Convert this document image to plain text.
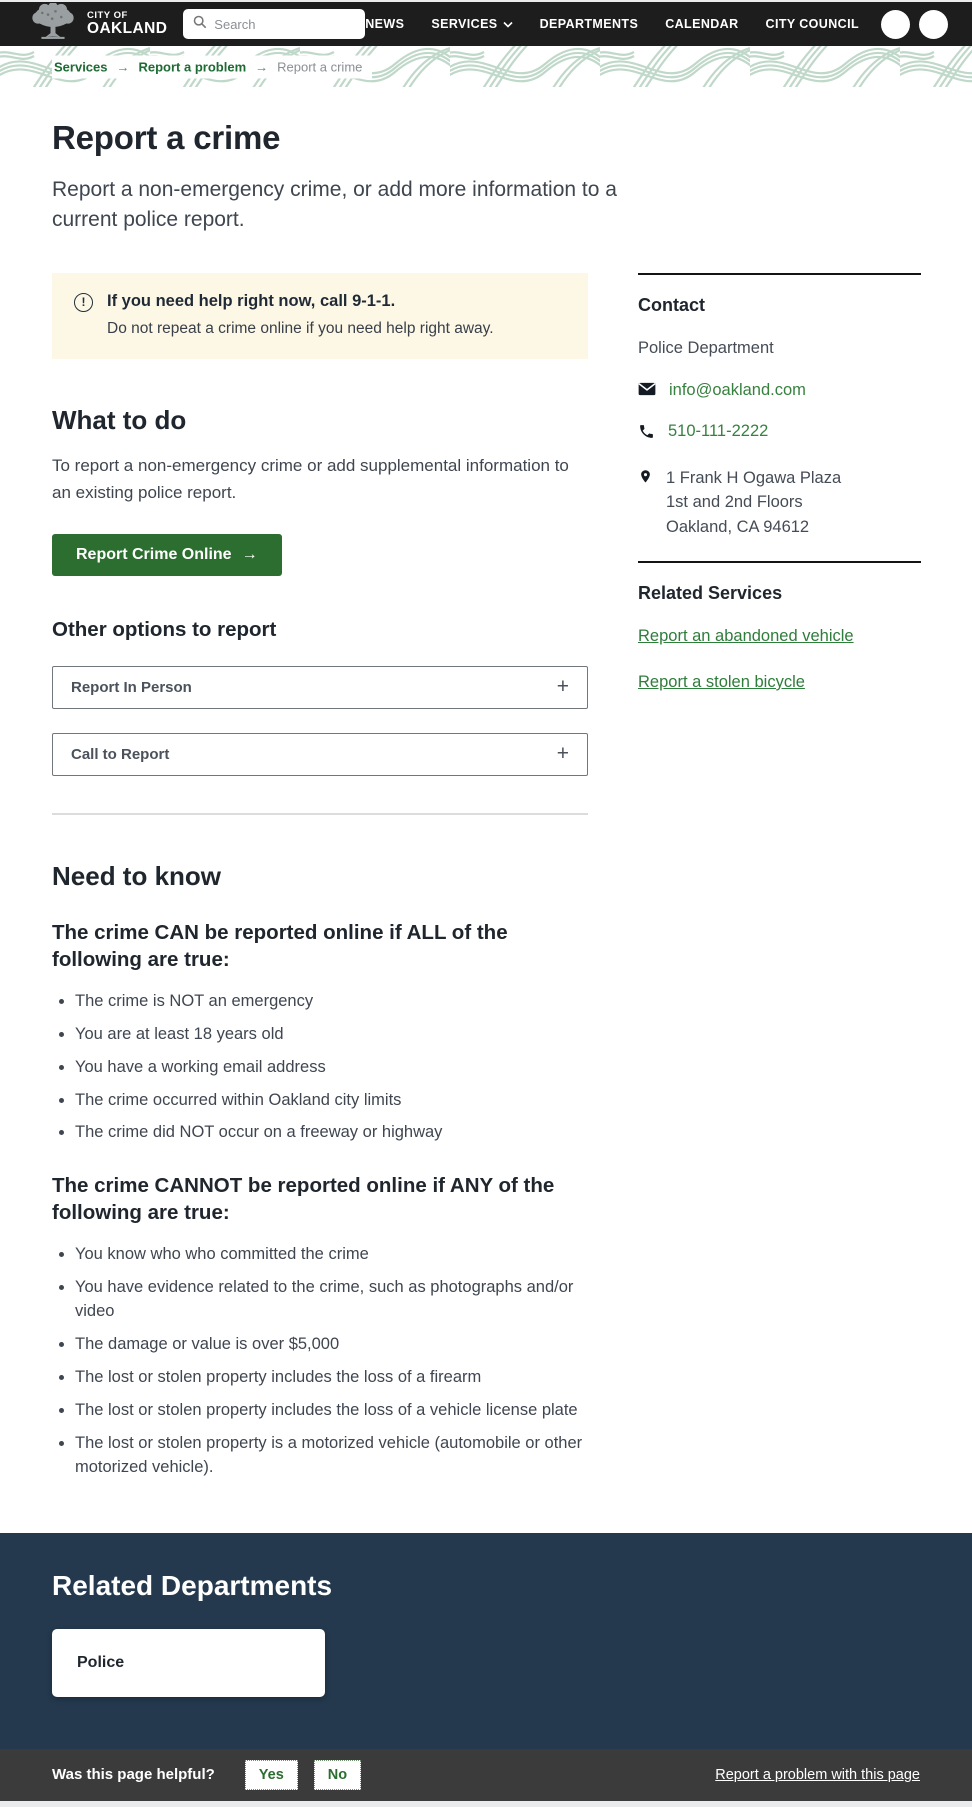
CITY OF
OAKLAND
Search	NEWS SERVICES	DEPARTMENTS CALENDAR CITY COUNCIL
Services → Report a problem → Report a crime
Report a crime

Report a non-emergency crime, or add more information to a current police report.

!	If you need help right now, call 9-1-1.
Do not repeat a crime online if you need help right away.
What to do

To report a non-emergency crime or add supplemental information to an existing police report.

Report Crime Online →
Other options to report
Report In Person	+
Call to Report	+
Need to know
The crime CAN be reported online if ALL of the following are true:
• The crime is NOT an emergency
• You are at least 18 years old
• You have a working email address
• The crime occurred within Oakland city limits
• The crime did NOT occur on a freeway or highway
The crime CANNOT be reported online if ANY of the following are true:
• You know who who committed the crime
• You have evidence related to the crime, such as photographs and/or video
• The damage or value is over $5,000
• The lost or stolen property includes the loss of a firearm
• The lost or stolen property includes the loss of a vehicle license plate
• The lost or stolen property is a motorized vehicle (automobile or other motorized vehicle).
Contact
Police Department
info@oakland.com
510-111-2222
1 Frank H Ogawa Plaza
1st and 2nd Floors
Oakland, CA 94612
Related Services
Report an abandoned vehicle
Report a stolen bicycle
Related Departments
Police
Was this page helpful?	Yes	No	Report a problem with this page
